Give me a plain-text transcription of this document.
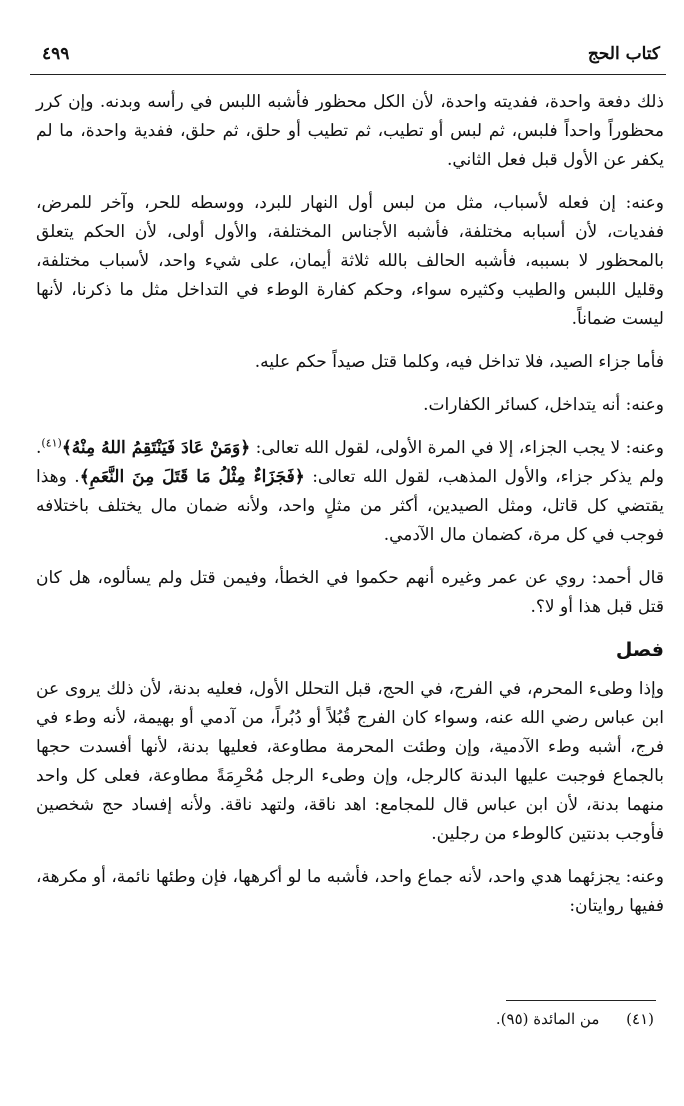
كتاب الحج
٤٩٩

ذلك دفعة واحدة، ففديته واحدة، لأن الكل محظور فأشبه اللبس في رأسه وبدنه. وإن كرر محظوراً واحداً فلبس، ثم لبس أو تطيب، ثم تطيب أو حلق، ثم حلق، ففدية واحدة، ما لم يكفر عن الأول قبل فعل الثاني.

وعنه: إن فعله لأسباب، مثل من لبس أول النهار للبرد، ووسطه للحر، وآخر للمرض، ففديات، لأن أسبابه مختلفة، فأشبه الأجناس المختلفة، والأول أولى، لأن الحكم يتعلق بالمحظور لا بسببه، فأشبه الحالف بالله ثلاثة أيمان، على شيء واحد، لأسباب مختلفة، وقليل اللبس والطيب وكثيره سواء، وحكم كفارة الوطء في التداخل مثل ما ذكرنا، لأنها ليست ضماناً.

فأما جزاء الصيد، فلا تداخل فيه، وكلما قتل صيداً حكم عليه.

وعنه: أنه يتداخل، كسائر الكفارات.

وعنه: لا يجب الجزاء، إلا في المرة الأولى، لقول الله تعالى: ﴿وَمَنْ عَادَ فَيَنْتَقِمُ اللهُ مِنْهُ﴾$^{(٤١)}$. ولم يذكر جزاء، والأول المذهب، لقول الله تعالى: ﴿فَجَزَاءٌ مِثْلُ مَا قَتَلَ مِنَ النَّعَمِ﴾. وهذا يقتضي كل قاتل، ومثل الصيدين، أكثر من مثلٍ واحد، ولأنه ضمان مال يختلف باختلافه فوجب في كل مرة، كضمان مال الآدمي.

قال أحمد: روي عن عمر وغيره أنهم حكموا في الخطأ، وفيمن قتل ولم يسألوه، هل كان قتل قبل هذا أو لا؟.

فصل

وإذا وطىء المحرم، في الفرج، في الحج، قبل التحلل الأول، فعليه بدنة، لأن ذلك يروى عن ابن عباس رضي الله عنه، وسواء كان الفرج قُبُلاً أو دُبُراً، من آدمي أو بهيمة، لأنه وطء في فرج، أشبه وطء الآدمية، وإن وطئت المحرمة مطاوعة، فعليها بدنة، لأنها أفسدت حجها بالجماع فوجبت عليها البدنة كالرجل، وإن وطىء الرجل مُحْرِمَةً مطاوعة، فعلى كل واحد منهما بدنة، لأن ابن عباس قال للمجامع: اهد ناقة، ولتهد ناقة. ولأنه إفساد حج شخصين فأوجب بدنتين كالوطء من رجلين.

وعنه: يجزئهما هدي واحد، لأنه جماع واحد، فأشبه ما لو أكرهها، فإن وطئها نائمة، أو مكرهة، ففيها روايتان:

(٤١) من المائدة (٩٥).
